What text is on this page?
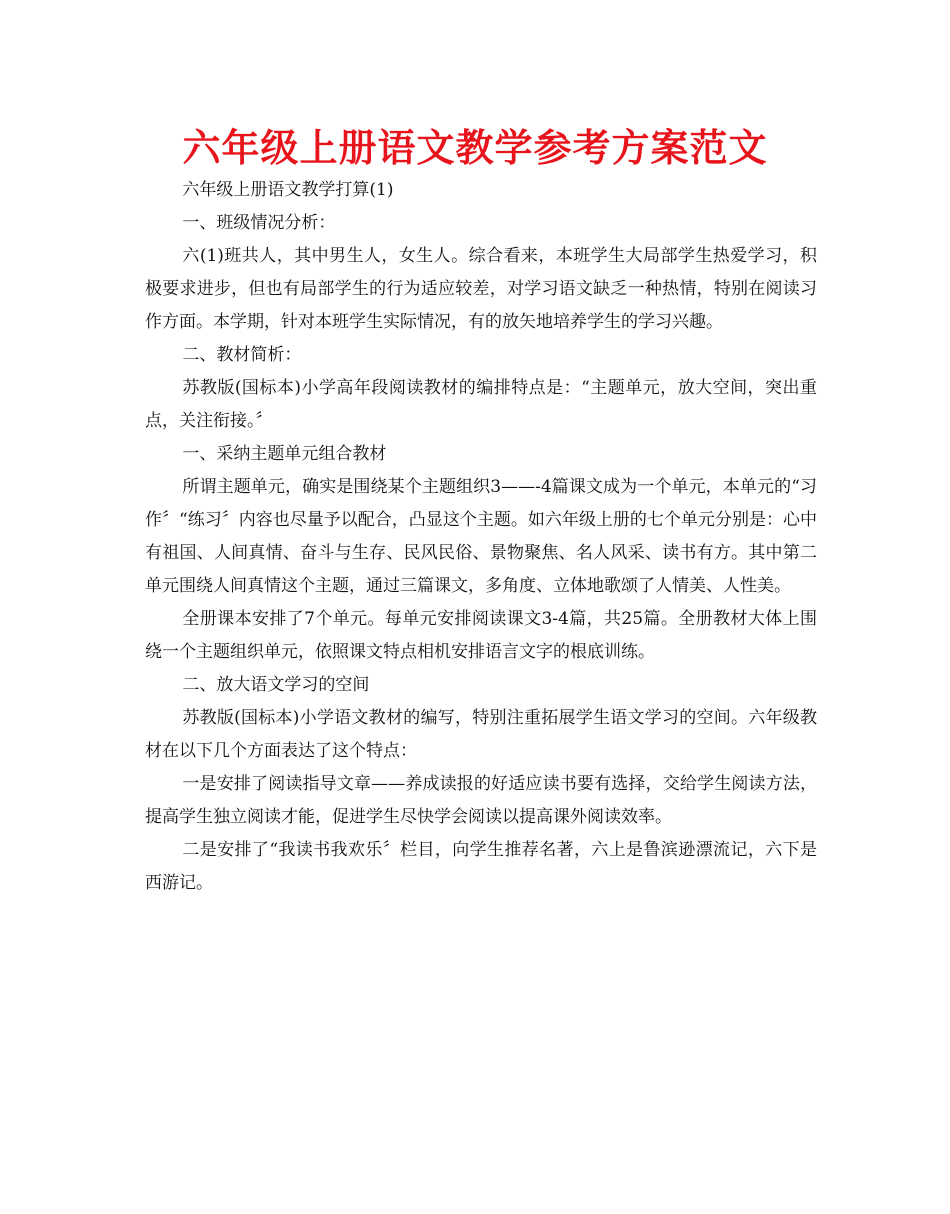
六年级上册语文教学参考方案范文

六年级上册语文教学打算(1)

一、班级情况分析：

六(1)班共人，其中男生人，女生人。综合看来，本班学生大局部学生热爱学习，积极要求进步，但也有局部学生的行为适应较差，对学习语文缺乏一种热情，特别在阅读习作方面。本学期，针对本班学生实际情况，有的放矢地培养学生的学习兴趣。

二、教材简析：

苏教版(国标本)小学高年段阅读教材的编排特点是：“主题单元，放大空间，突出重点，关注衔接。〞

一、采纳主题单元组合教材

所谓主题单元，确实是围绕某个主题组织3——-4篇课文成为一个单元，本单元的“习作〞“练习〞内容也尽量予以配合，凸显这个主题。如六年级上册的七个单元分别是：心中有祖国、人间真情、奋斗与生存、民风民俗、景物聚焦、名人风采、读书有方。其中第二单元围绕人间真情这个主题，通过三篇课文，多角度、立体地歌颂了人情美、人性美。

全册课本安排了7个单元。每单元安排阅读课文3-4篇，共25篇。全册教材大体上围绕一个主题组织单元，依照课文特点相机安排语言文字的根底训练。

二、放大语文学习的空间

苏教版(国标本)小学语文教材的编写，特别注重拓展学生语文学习的空间。六年级教材在以下几个方面表达了这个特点：

一是安排了阅读指导文章——养成读报的好适应读书要有选择，交给学生阅读方法，提高学生独立阅读才能，促进学生尽快学会阅读以提高课外阅读效率。

二是安排了“我读书我欢乐〞栏目，向学生推荐名著，六上是鲁滨逊漂流记，六下是西游记。
